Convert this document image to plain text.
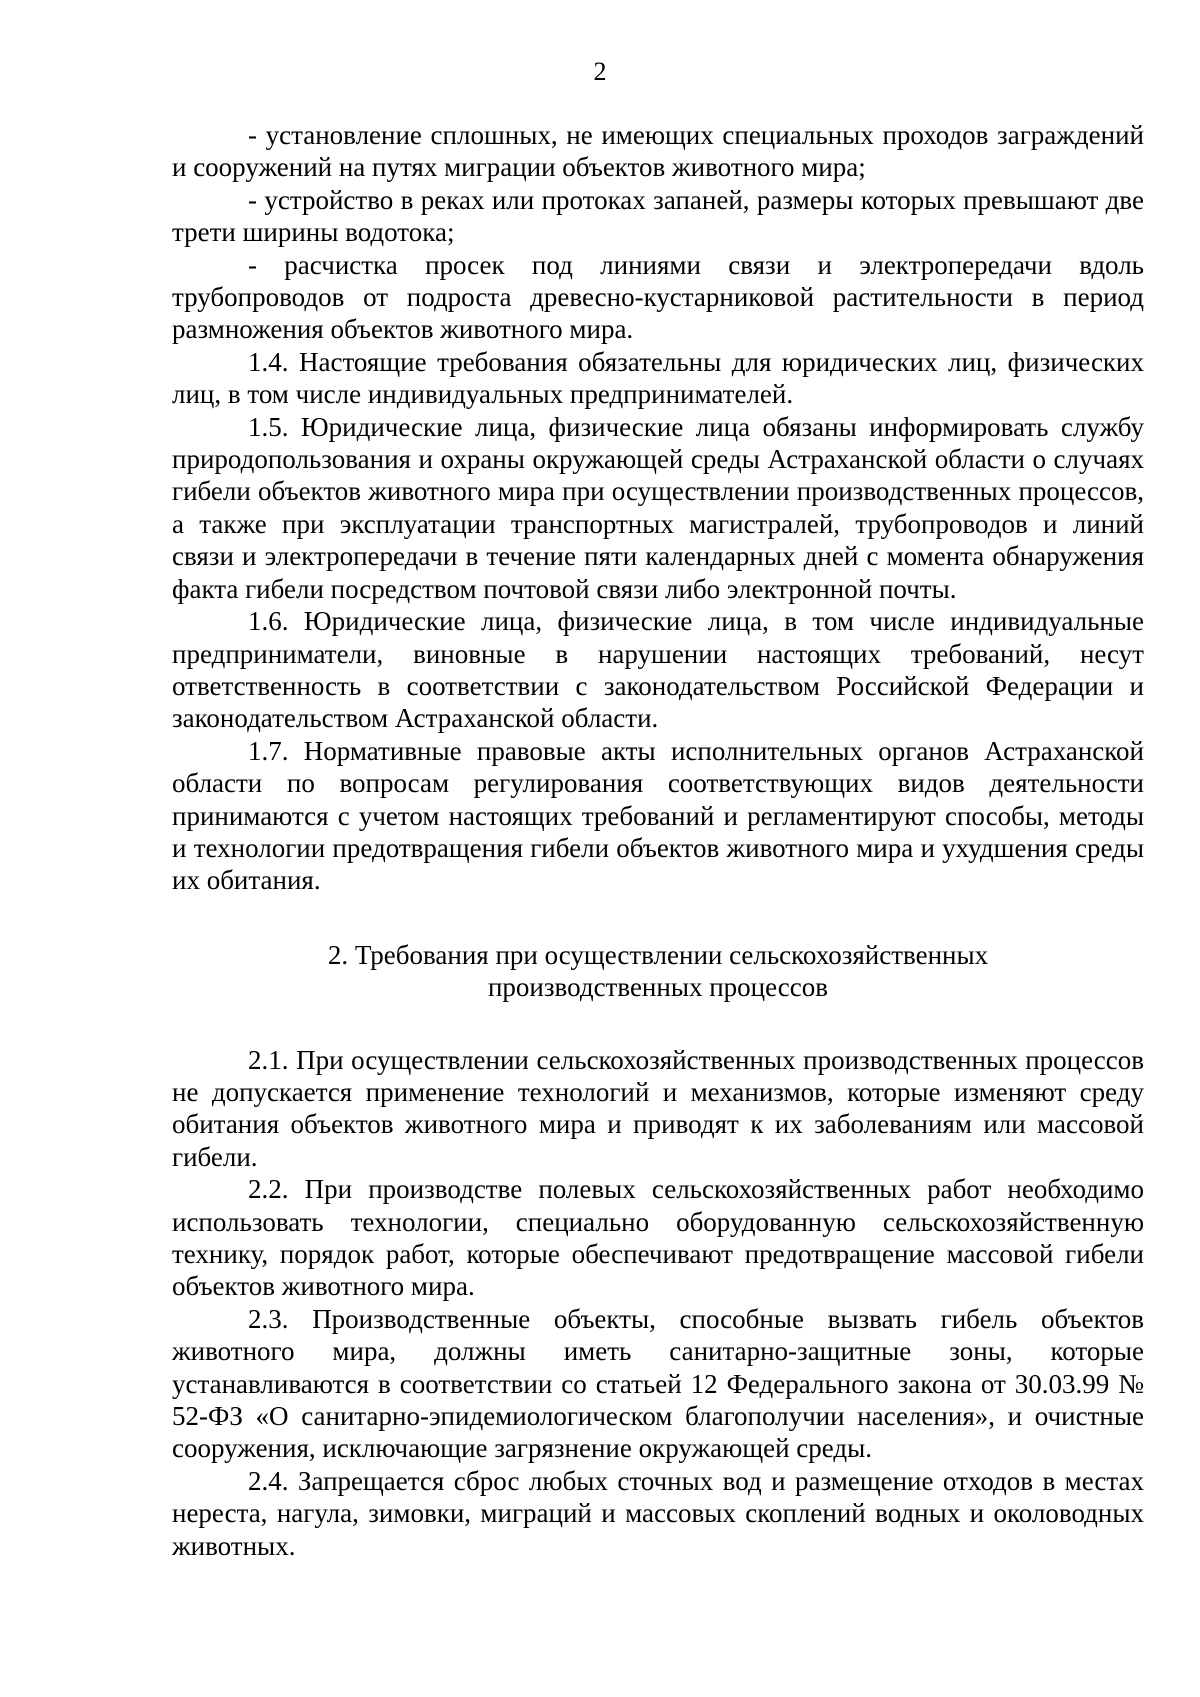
2

- установление сплошных, не имеющих специальных проходов заграждений и сооружений на путях миграции объектов животного мира;

- устройство в реках или протоках запаней, размеры которых превышают две трети ширины водотока;

- расчистка просек под линиями связи и электропередачи вдоль трубопроводов от подроста древесно-кустарниковой растительности в период размножения объектов животного мира.

1.4. Настоящие требования обязательны для юридических лиц, физических лиц, в том числе индивидуальных предпринимателей.

1.5. Юридические лица, физические лица обязаны информировать службу природопользования и охраны окружающей среды Астраханской области о случаях гибели объектов животного мира при осуществлении производственных процессов, а также при эксплуатации транспортных магистралей, трубопроводов и линий связи и электропередачи в течение пяти календарных дней с момента обнаружения факта гибели посредством почтовой связи либо электронной почты.

1.6. Юридические лица, физические лица, в том числе индивидуальные предприниматели, виновные в нарушении настоящих требований, несут ответственность в соответствии с законодательством Российской Федерации и законодательством Астраханской области.

1.7. Нормативные правовые акты исполнительных органов Астраханской области по вопросам регулирования соответствующих видов деятельности принимаются с учетом настоящих требований и регламентируют способы, методы и технологии предотвращения гибели объектов животного мира и ухудшения среды их обитания.

2. Требования при осуществлении сельскохозяйственных
производственных процессов

2.1. При осуществлении сельскохозяйственных производственных процессов не допускается применение технологий и механизмов, которые изменяют среду обитания объектов животного мира и приводят к их заболеваниям или массовой гибели.

2.2. При производстве полевых сельскохозяйственных работ необходимо использовать технологии, специально оборудованную сельскохозяйственную технику, порядок работ, которые обеспечивают предотвращение массовой гибели объектов животного мира.

2.3. Производственные объекты, способные вызвать гибель объектов животного мира, должны иметь санитарно-защитные зоны, которые устанавливаются в соответствии со статьей 12 Федерального закона от 30.03.99 № 52-ФЗ «О санитарно-эпидемиологическом благополучии населения», и очистные сооружения, исключающие загрязнение окружающей среды.

2.4. Запрещается сброс любых сточных вод и размещение отходов в местах нереста, нагула, зимовки, миграций и массовых скоплений водных и околоводных животных.
